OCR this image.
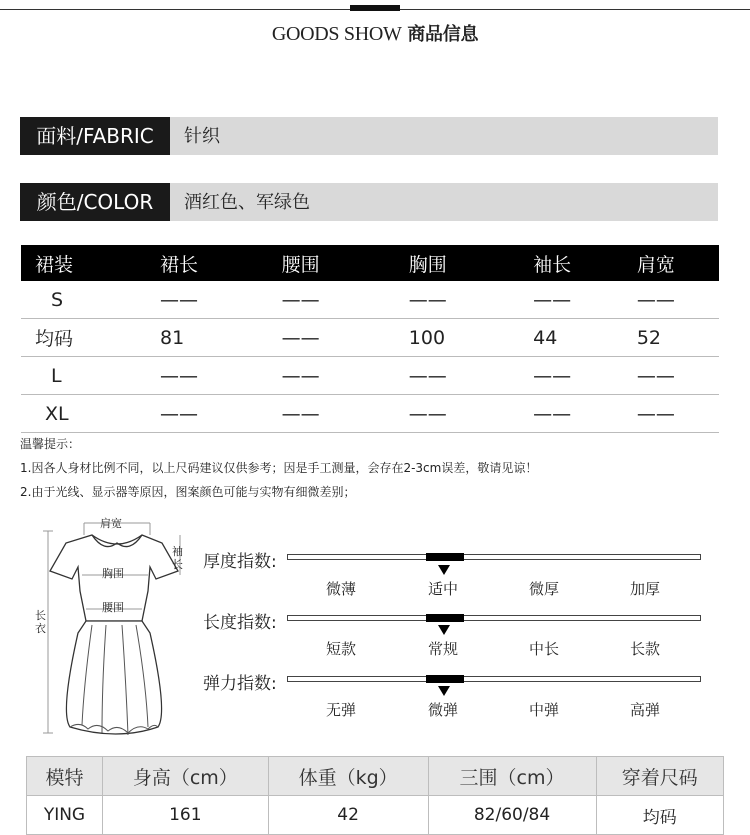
GOODS SHOW 商品信息
面料/FABRIC	针织
颜色/COLOR	酒红色、军绿色
裙装	裙长	腰围	胸围	袖长	肩宽
S	——	——	——	——	——
均码	81	——	100	44	52
L	——	——	——	——	——
XL	——	——	——	——	——
温馨提示：
1.因各人身材比例不同，以上尺码建议仅供参考；因是手工测量，会存在2-3cm误差，敬请见谅！
2.由于光线、显示器等原因，图案颜色可能与实物有细微差别；
肩宽
袖长
胸围
腰围
长衣
厚度指数:
微薄	适中	微厚	加厚
长度指数:
短款	常规	中长	长款
弹力指数:
无弹	微弹	中弹	高弹
模特	身高（cm）	体重（kg）	三围（cm）	穿着尺码
YING	161	42	82/60/84	均码
